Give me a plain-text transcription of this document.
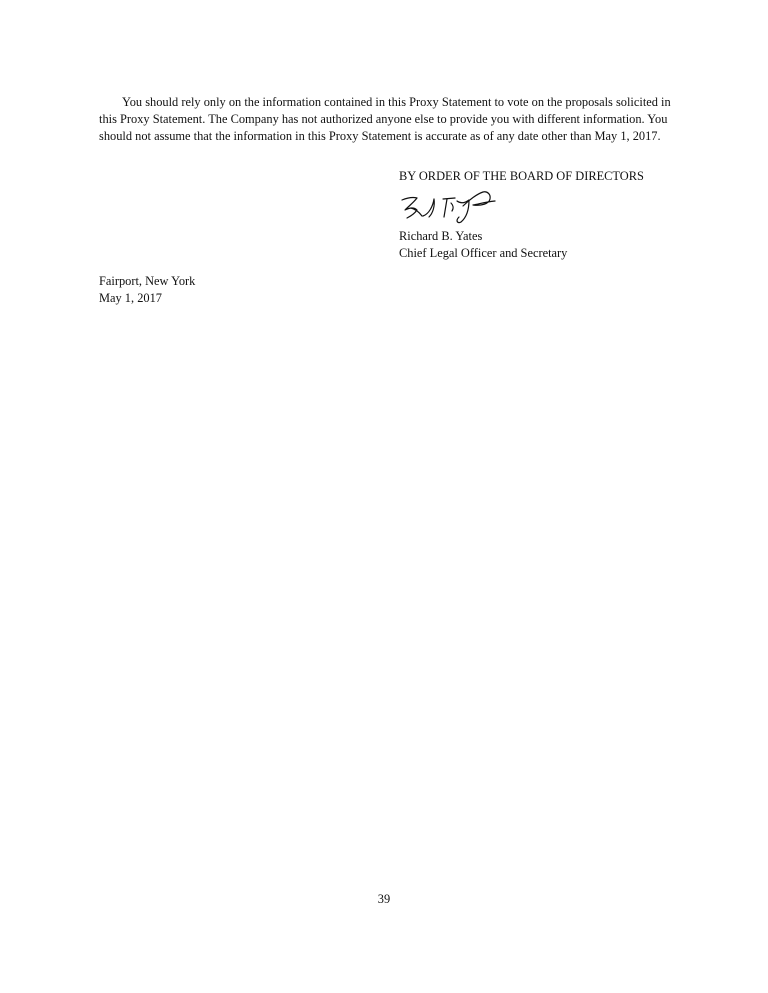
You should rely only on the information contained in this Proxy Statement to vote on the proposals solicited in this Proxy Statement. The Company has not authorized anyone else to provide you with different information. You should not assume that the information in this Proxy Statement is accurate as of any date other than May 1, 2017.

BY ORDER OF THE BOARD OF DIRECTORS
Richard B. Yates
Chief Legal Officer and Secretary
Fairport, New York
May 1, 2017
39
